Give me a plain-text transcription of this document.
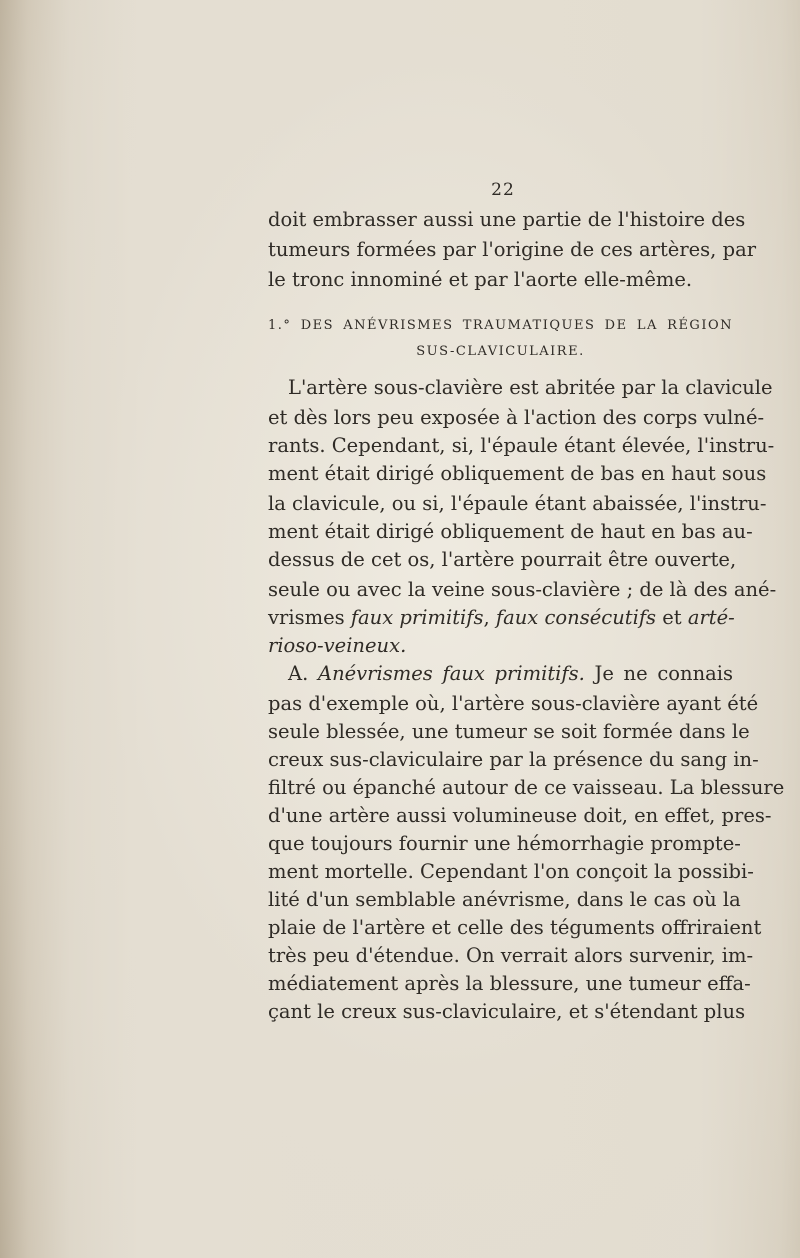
22
doit embrasser aussi une partie de l'histoire des
tumeurs formées par l'origine de ces artères, par
le tronc innominé et par l'aorte elle-même.
1.° DES ANÉVRISMES TRAUMATIQUES DE LA RÉGION
SUS-CLAVICULAIRE.
L'artère sous-clavière est abritée par la clavicule
et dès lors peu exposée à l'action des corps vulné-
rants. Cependant, si, l'épaule étant élevée, l'instru-
ment était dirigé obliquement de bas en haut sous
la clavicule, ou si, l'épaule étant abaissée, l'instru-
ment était dirigé obliquement de haut en bas au-
dessus de cet os, l'artère pourrait être ouverte,
seule ou avec la veine sous-clavière ; de là des ané-
vrismes faux primitifs, faux consécutifs et arté-
rioso-veineux.
A. Anévrismes faux primitifs. Je ne connais
pas d'exemple où, l'artère sous-clavière ayant été
seule blessée, une tumeur se soit formée dans le
creux sus-claviculaire par la présence du sang in-
filtré ou épanché autour de ce vaisseau. La blessure
d'une artère aussi volumineuse doit, en effet, pres-
que toujours fournir une hémorrhagie prompte-
ment mortelle. Cependant l'on conçoit la possibi-
lité d'un semblable anévrisme, dans le cas où la
plaie de l'artère et celle des téguments offriraient
très peu d'étendue. On verrait alors survenir, im-
médiatement après la blessure, une tumeur effa-
çant le creux sus-claviculaire, et s'étendant plus
